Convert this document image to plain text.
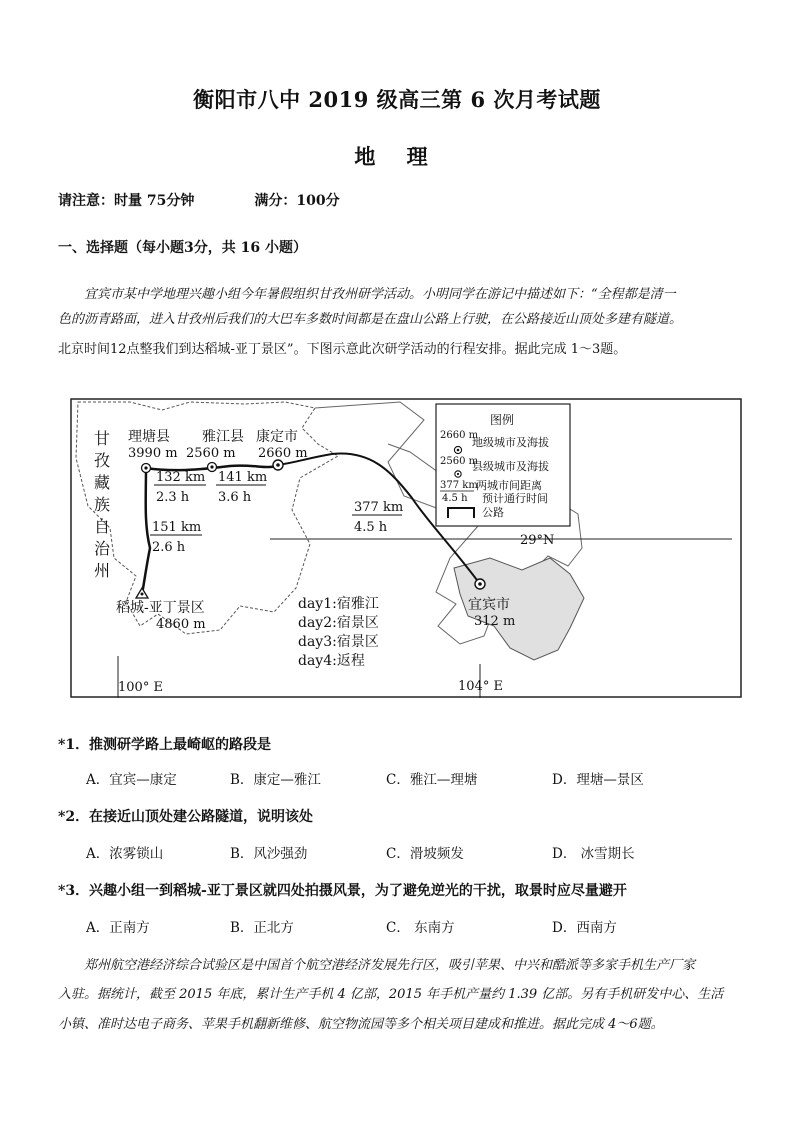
衡阳市八中 2019 级高三第 6 次月考试题
地 理
请注意：时量 75分钟	满分：100分
一、选择题（每小题3分，共 16 小题）
宜宾市某中学地理兴趣小组今年暑假组织甘孜州研学活动。小明同学在游记中描述如下：“全程都是清一
色的沥青路面，进入甘孜州后我们的大巴车多数时间都是在盘山公路上行驶，在公路接近山顶处多建有隧道。
北京时间12点整我们到达稻城-亚丁景区”。下图示意此次研学活动的行程安排。据此完成 1～3题。
29°N
100° E	104° E
甘
孜
藏
族
自
治
州
理塘县
3990 m
雅江县
2560 m
康定市
2660 m
稻城-亚丁景区
4860 m
宜宾市
312 m
132 km
2.3 h
141 km
3.6 h
377 km
4.5 h
151 km
2.6 h
day1:宿雅江
day2:宿景区
day3:宿景区
day4:返程
图例
2660 m
地级城市及海拔
2560 m
县级城市及海拔
377 km
4.5 h
两城市间距离
预计通行时间
公路
*1．推测研学路上最崎岖的路段是
A．宜宾—康定	B．康定—雅江	C．雅江—理塘	D．理塘—景区
*2．在接近山顶处建公路隧道，说明该处
A．浓雾锁山	B．风沙强劲	C．滑坡频发	D． 冰雪期长
*3．兴趣小组一到稻城-亚丁景区就四处拍摄风景，为了避免逆光的干扰，取景时应尽量避开
A．正南方	B．正北方	C． 东南方	D．西南方
郑州航空港经济综合试验区是中国首个航空港经济发展先行区，吸引苹果、中兴和酷派等多家手机生产厂家
入驻。据统计，截至 2015 年底，累计生产手机 4 亿部，2015 年手机产量约 1.39 亿部。另有手机研发中心、生活
小镇、准时达电子商务、苹果手机翻新维修、航空物流园等多个相关项目建成和推进。据此完成 4～6题。
